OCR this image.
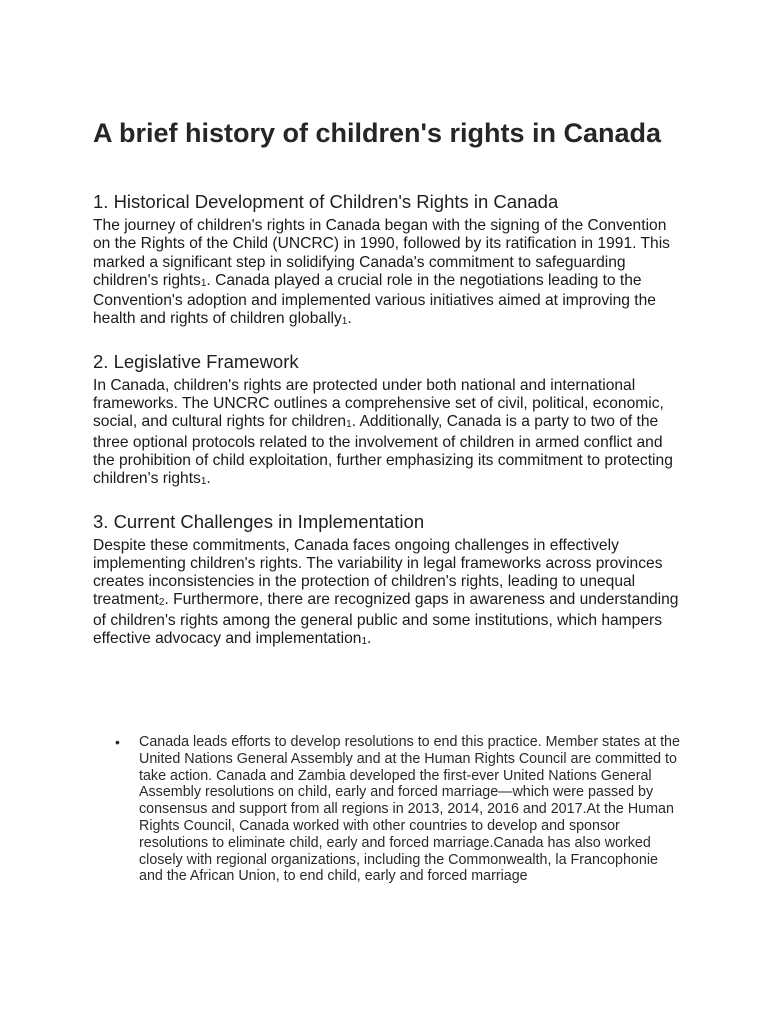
A brief history of children's rights in Canada
1. Historical Development of Children's Rights in Canada

The journey of children's rights in Canada began with the signing of the Convention on the Rights of the Child (UNCRC) in 1990, followed by its ratification in 1991. This marked a significant step in solidifying Canada's commitment to safeguarding children's rights$_1$. Canada played a crucial role in the negotiations leading to the Convention's adoption and implemented various initiatives aimed at improving the health and rights of children globally$_1$.

2. Legislative Framework

In Canada, children's rights are protected under both national and international frameworks. The UNCRC outlines a comprehensive set of civil, political, economic, social, and cultural rights for children$_1$. Additionally, Canada is a party to two of the three optional protocols related to the involvement of children in armed conflict and the prohibition of child exploitation, further emphasizing its commitment to protecting children's rights$_1$.

3. Current Challenges in Implementation

Despite these commitments, Canada faces ongoing challenges in effectively implementing children's rights. The variability in legal frameworks across provinces creates inconsistencies in the protection of children's rights, leading to unequal treatment$_2$. Furthermore, there are recognized gaps in awareness and understanding of children's rights among the general public and some institutions, which hampers effective advocacy and implementation$_1$.

• Canada leads efforts to develop resolutions to end this practice. Member states at the United Nations General Assembly and at the Human Rights Council are committed to take action. Canada and Zambia developed the first-ever United Nations General Assembly resolutions on child, early and forced marriage—which were passed by consensus and support from all regions in 2013, 2014, 2016 and 2017.At the Human Rights Council, Canada worked with other countries to develop and sponsor resolutions to eliminate child, early and forced marriage.Canada has also worked closely with regional organizations, including the Commonwealth, la Francophonie and the African Union, to end child, early and forced marriage
